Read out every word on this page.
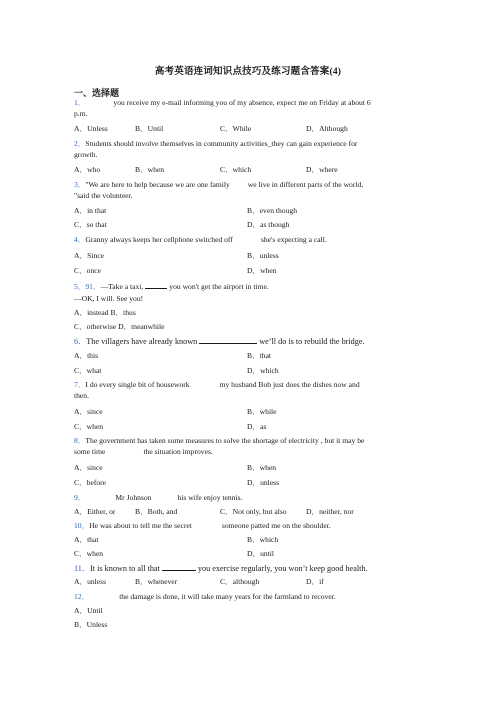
高考英语连词知识点技巧及练习题含答案(4)
一、选择题
1．	you receive my e-mail informing you of my absence, expect me on Friday at about 6
p.m.
A．Unless	B．Until	C．While	D．Although
2．Students should involve themselves in community activities_they can gain experience for
growth.
A．who	B．when	C．which	D．where
3．"We are here to help because we are one family we live in different parts of the world,
"said the volunteer.
A．in that	B．even though
C．so that	D．as though
4．Granny always keeps her cellphone switched off	she's expecting a call.
A．Since	B．unless
C．once	D．when
5．91．—Take a taxi,	you won't get the airport in time.
—OK, I will. See you!
A．instead B．thus
C．otherwise D．meanwhile
6．The villagers have already known	we’ll do is to rebuild the bridge.
A．this	B．that
C．what	D．which
7．I do every single bit of housework	my husband Bob just does the dishes now and
then.
A．since	B．while
C．when	D．as
8．The government has taken some measures to solve the shortage of electricity , but it may be
some time	the situation improves.
A．since	B．when
C．before	D．unless
9．	Mr Johnson	his wife enjoy tennis.
A．Either, or	B．Both, and	C．Not only, but also	D．neither, nor
10．He was about to tell me the secret	someone patted me on the shoulder.
A．that	B．which
C．when	D．until
11．It is known to all that	you exercise regularly, you won’t keep good health.
A．unless	B．whenever	C．although	D．if
12．	the damage is done, it will take many years for the farmland to recover.
A．Until
B．Unless
